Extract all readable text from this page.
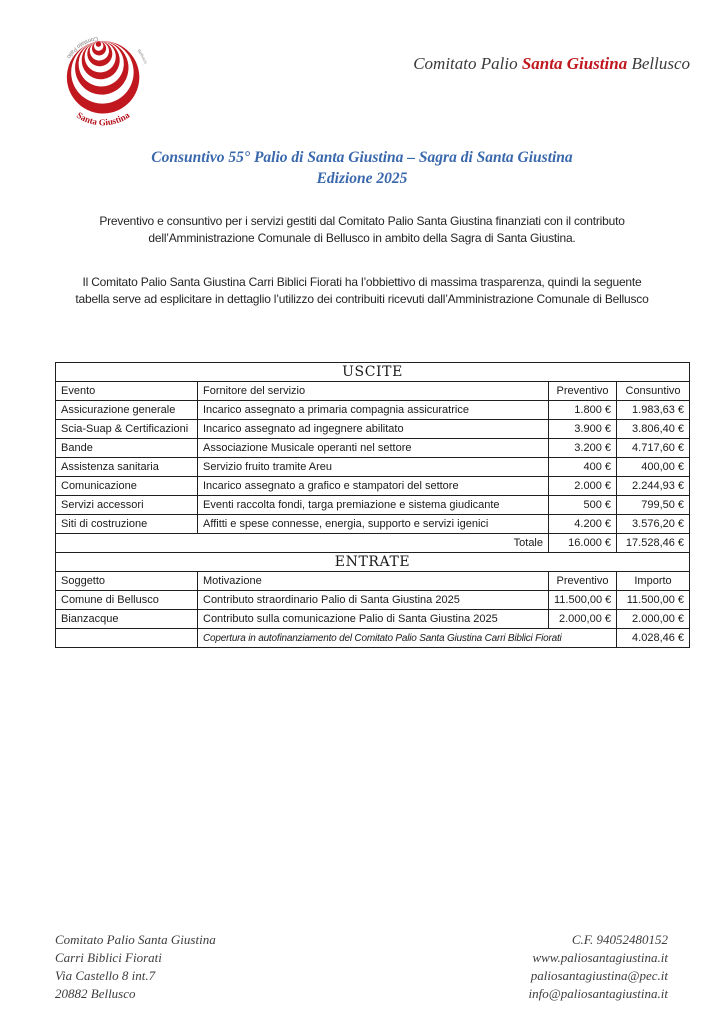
Comitato Palio
Santa Giustina
Bellusco	Comitato Palio Santa Giustina Bellusco
Consuntivo 55° Palio di Santa Giustina – Sagra di Santa Giustina
Edizione 2025

Preventivo e consuntivo per i servizi gestiti dal Comitato Palio Santa Giustina finanziati con il contributo dell’Amministrazione Comunale di Bellusco in ambito della Sagra di Santa Giustina.

Il Comitato Palio Santa Giustina Carri Biblici Fiorati ha l’obbiettivo di massima trasparenza, quindi la seguente tabella serve ad esplicitare in dettaglio l’utilizzo dei contribuiti ricevuti dall’Amministrazione Comunale di Bellusco

USCITE			
Evento	Fornitore del servizio	Preventivo	Consuntivo
Assicurazione generale	Incarico assegnato a primaria compagnia assicuratrice	1.800 €	1.983,63 €
Scia-Suap & Certificazioni	Incarico assegnato ad ingegnere abilitato	3.900 €	3.806,40 €
Bande	Associazione Musicale operanti nel settore	3.200 €	4.717,60 €
Assistenza sanitaria	Servizio fruito tramite Areu	400 €	400,00 €
Comunicazione	Incarico assegnato a grafico e stampatori del settore	2.000 €	2.244,93 €
Servizi accessori	Eventi raccolta fondi, targa premiazione e sistema giudicante	500 €	799,50 €
Siti di costruzione	Affitti e spese connesse, energia, supporto e servizi igenici	4.200 €	3.576,20 €
Totale		16.000 €	17.528,46 €
ENTRATE			
Soggetto	Motivazione	Preventivo	Importo
Comune di Bellusco	Contributo straordinario Palio di Santa Giustina 2025	11.500,00 €	11.500,00 €
Bianzacque	Contributo sulla comunicazione Palio di Santa Giustina 2025	2.000,00 €	2.000,00 €
	Copertura in autofinanziamento del Comitato Palio Santa Giustina Carri Biblici Fiorati		4.028,46 €
Comitato Palio Santa Giustina
Carri Biblici Fiorati
Via Castello 8 int.7
20882 Bellusco
C.F. 94052480152
www.paliosantagiustina.it
paliosantagiustina@pec.it
info@paliosantagiustina.it
